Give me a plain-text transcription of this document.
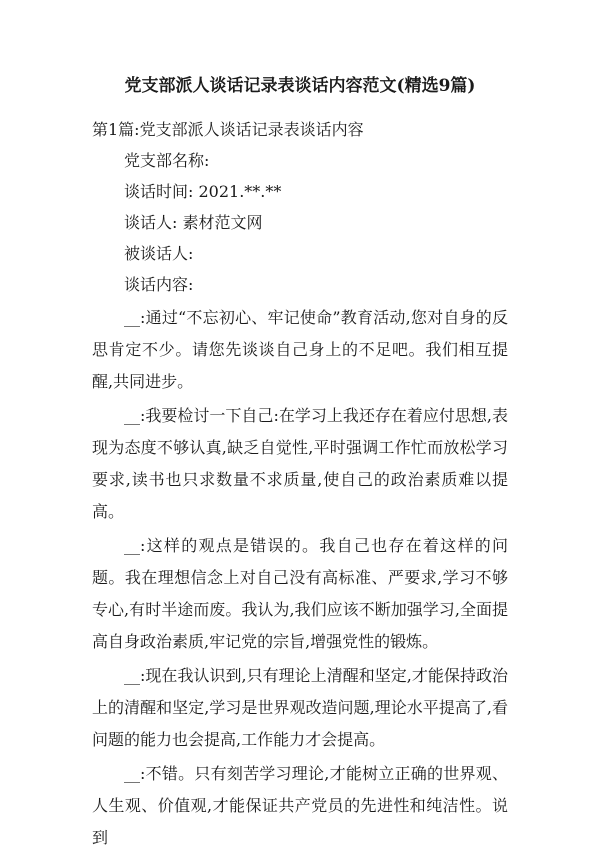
党支部派人谈话记录表谈话内容范文(精选9篇)

第1篇:党支部派人谈话记录表谈话内容

党支部名称:

谈话时间: 2021.**.**

谈话人: 素材范文网

被谈话人:

谈话内容:

__:通过“不忘初心、牢记使命”教育活动,您对自身的反思肯定不少。请您先谈谈自己身上的不足吧。我们相互提醒,共同进步。

__:我要检讨一下自己:在学习上我还存在着应付思想,表现为态度不够认真,缺乏自觉性,平时强调工作忙而放松学习要求,读书也只求数量不求质量,使自己的政治素质难以提高。

__:这样的观点是错误的。我自己也存在着这样的问题。我在理想信念上对自己没有高标准、严要求,学习不够专心,有时半途而废。我认为,我们应该不断加强学习,全面提高自身政治素质,牢记党的宗旨,增强党性的锻炼。

__:现在我认识到,只有理论上清醒和坚定,才能保持政治上的清醒和坚定,学习是世界观改造问题,理论水平提高了,看问题的能力也会提高,工作能力才会提高。

__:不错。只有刻苦学习理论,才能树立正确的世界观、人生观、价值观,才能保证共产党员的先进性和纯洁性。说到
